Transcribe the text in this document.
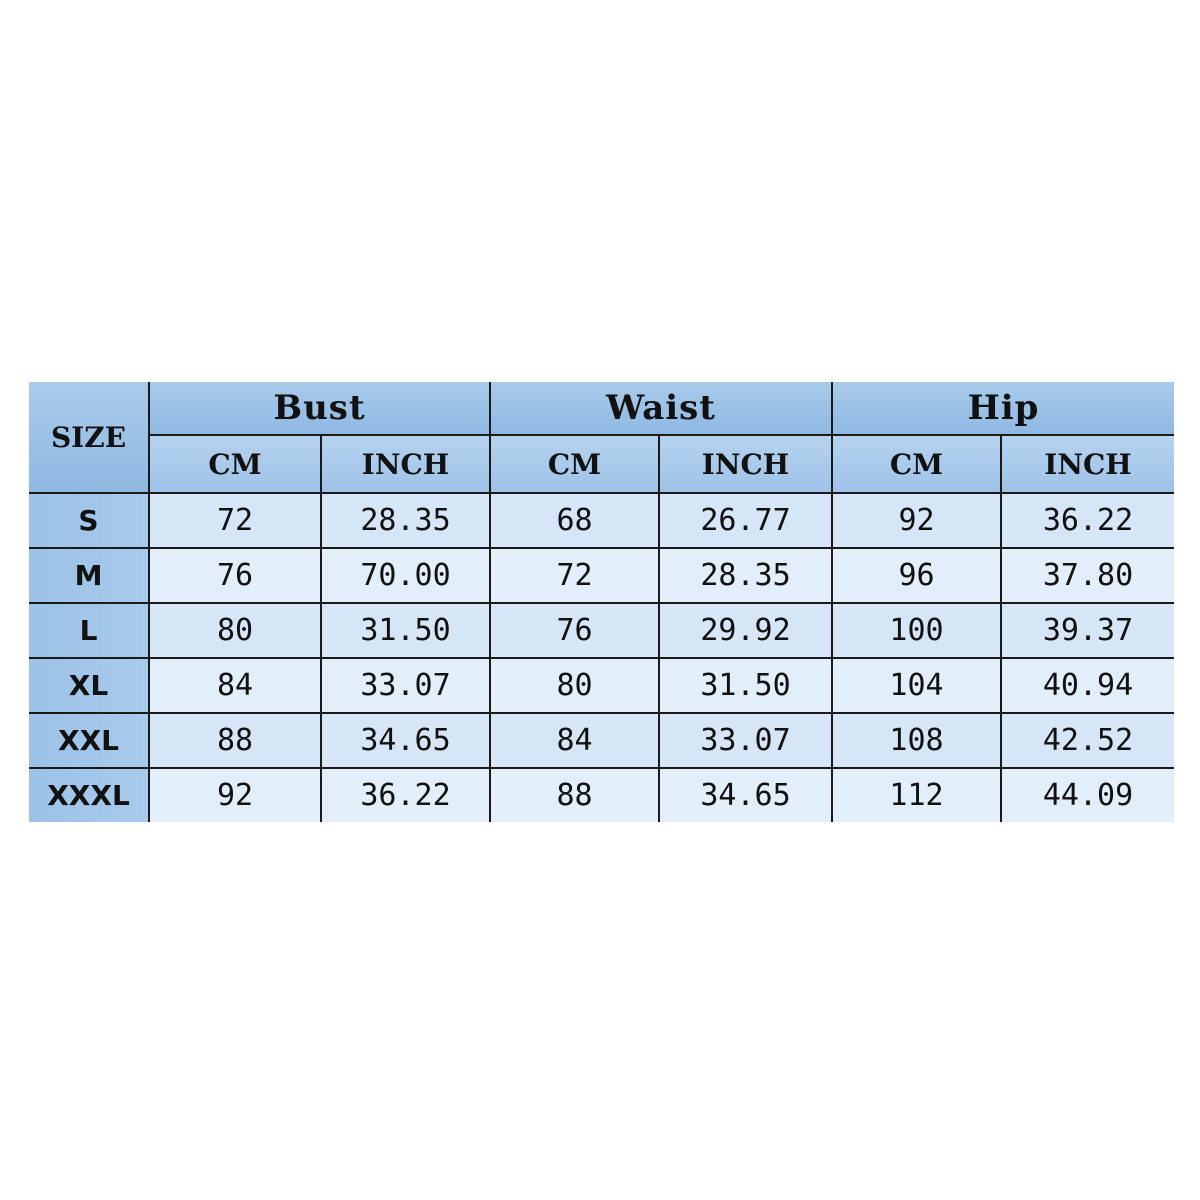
SIZE	Bust		Waist		Hip	
	CM	INCH	CM	INCH	CM	INCH
S	72	28.35	68	26.77	92	36.22
M	76	70.00	72	28.35	96	37.80
L	80	31.50	76	29.92	100	39.37
XL	84	33.07	80	31.50	104	40.94
XXL	88	34.65	84	33.07	108	42.52
XXXL	92	36.22	88	34.65	112	44.09
